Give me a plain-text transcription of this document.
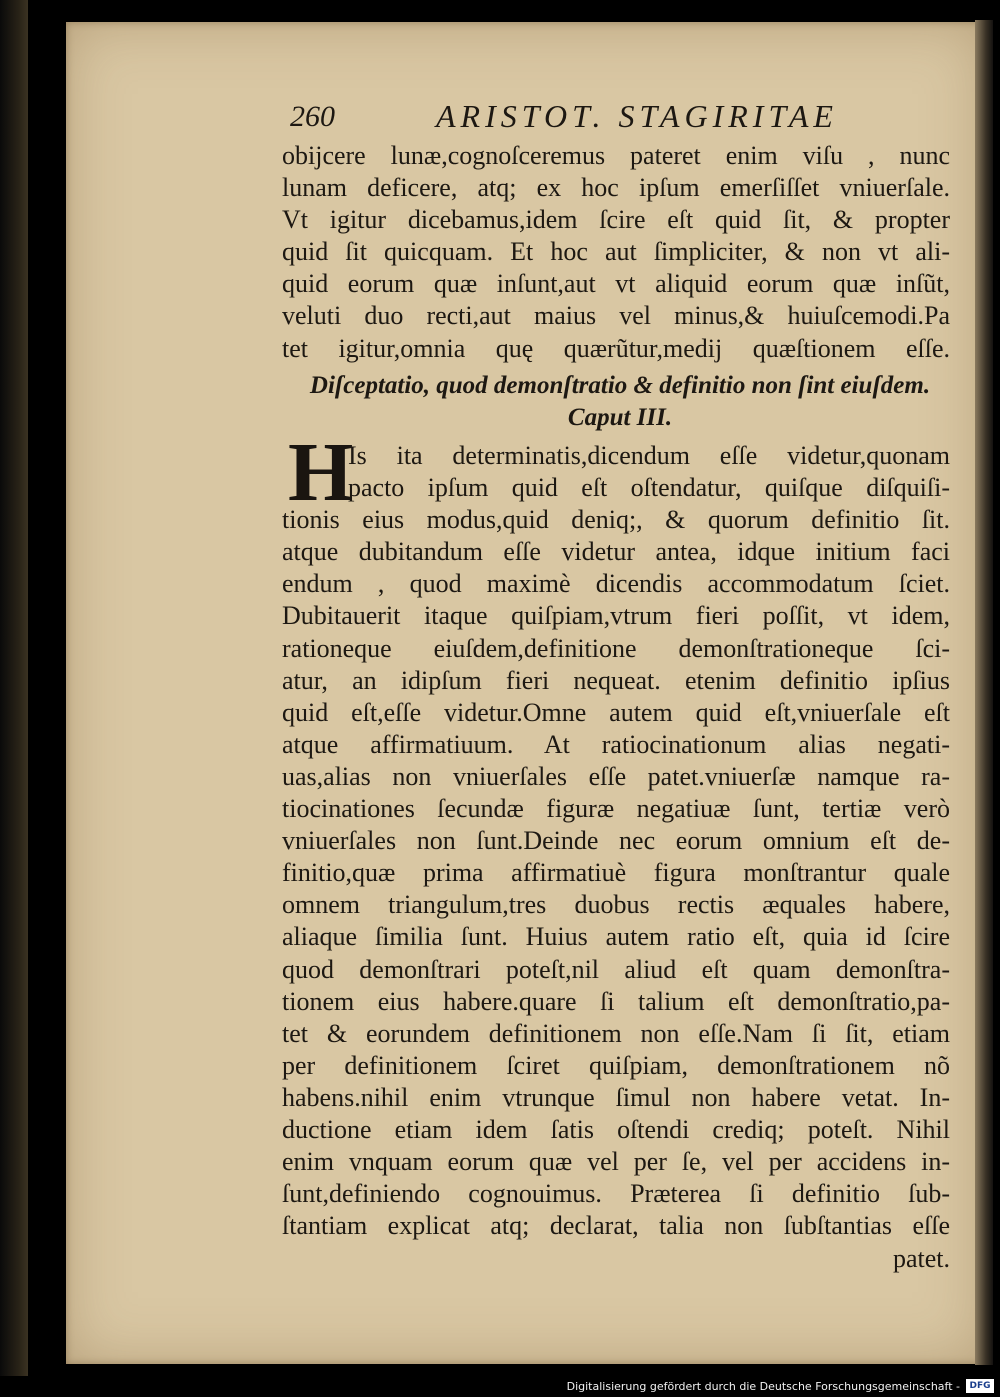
260	ARISTOT. STAGIRITAE
obijcere lunæ,cognoſceremus pateret enim viſu , nunc
lunam deficere, atq; ex hoc ipſum emerſiſſet vniuerſale.
Vt igitur dicebamus,idem ſcire eſt quid ſit, & propter
quid ſit quicquam. Et hoc aut ſimpliciter, & non vt ali-
quid eorum quæ inſunt,aut vt aliquid eorum quæ inſũt,
veluti duo recti,aut maius vel minus,& huiuſcemodi.Pa
tet igitur,omnia quę quærũtur,medij quæſtionem eſſe.
Diſceptatio, quod demonſtratio & definitio non ſint eiuſdem.
Caput III.
H
Is ita determinatis,dicendum eſſe videtur,quonam
pacto ipſum quid eſt oſtendatur, quiſque diſquiſi-
tionis eius modus,quid deniq;, & quorum definitio ſit.
atque dubitandum eſſe videtur antea, idque initium faci
endum , quod maximè dicendis accommodatum ſciet.
Dubitauerit itaque quiſpiam,vtrum fieri poſſit, vt idem,
rationeque eiuſdem,definitione demonſtrationeque ſci-
atur, an idipſum fieri nequeat. etenim definitio ipſius
quid eſt,eſſe videtur.Omne autem quid eſt,vniuerſale eſt
atque affirmatiuum. At ratiocinationum alias negati-
uas,alias non vniuerſales eſſe patet.vniuerſæ namque ra-
tiocinationes ſecundæ figuræ negatiuæ ſunt, tertiæ verò
vniuerſales non ſunt.Deinde nec eorum omnium eſt de-
finitio,quæ prima affirmatiuè figura monſtrantur quale
omnem triangulum,tres duobus rectis æquales habere,
aliaque ſimilia ſunt. Huius autem ratio eſt, quia id ſcire
quod demonſtrari poteſt,nil aliud eſt quam demonſtra-
tionem eius habere.quare ſi talium eſt demonſtratio,pa-
tet & eorundem definitionem non eſſe.Nam ſi ſit, etiam
per definitionem ſciret quiſpiam, demonſtrationem nõ
habens.nihil enim vtrunque ſimul non habere vetat. In-
ductione etiam idem ſatis oſtendi crediq; poteſt. Nihil
enim vnquam eorum quæ vel per ſe, vel per accidens in-
ſunt,definiendo cognouimus. Præterea ſi definitio ſub-
ſtantiam explicat atq; declarat, talia non ſubſtantias eſſe
patet.
Digitalisierung gefördert durch die Deutsche Forschungsgemeinschaft -	DFG
